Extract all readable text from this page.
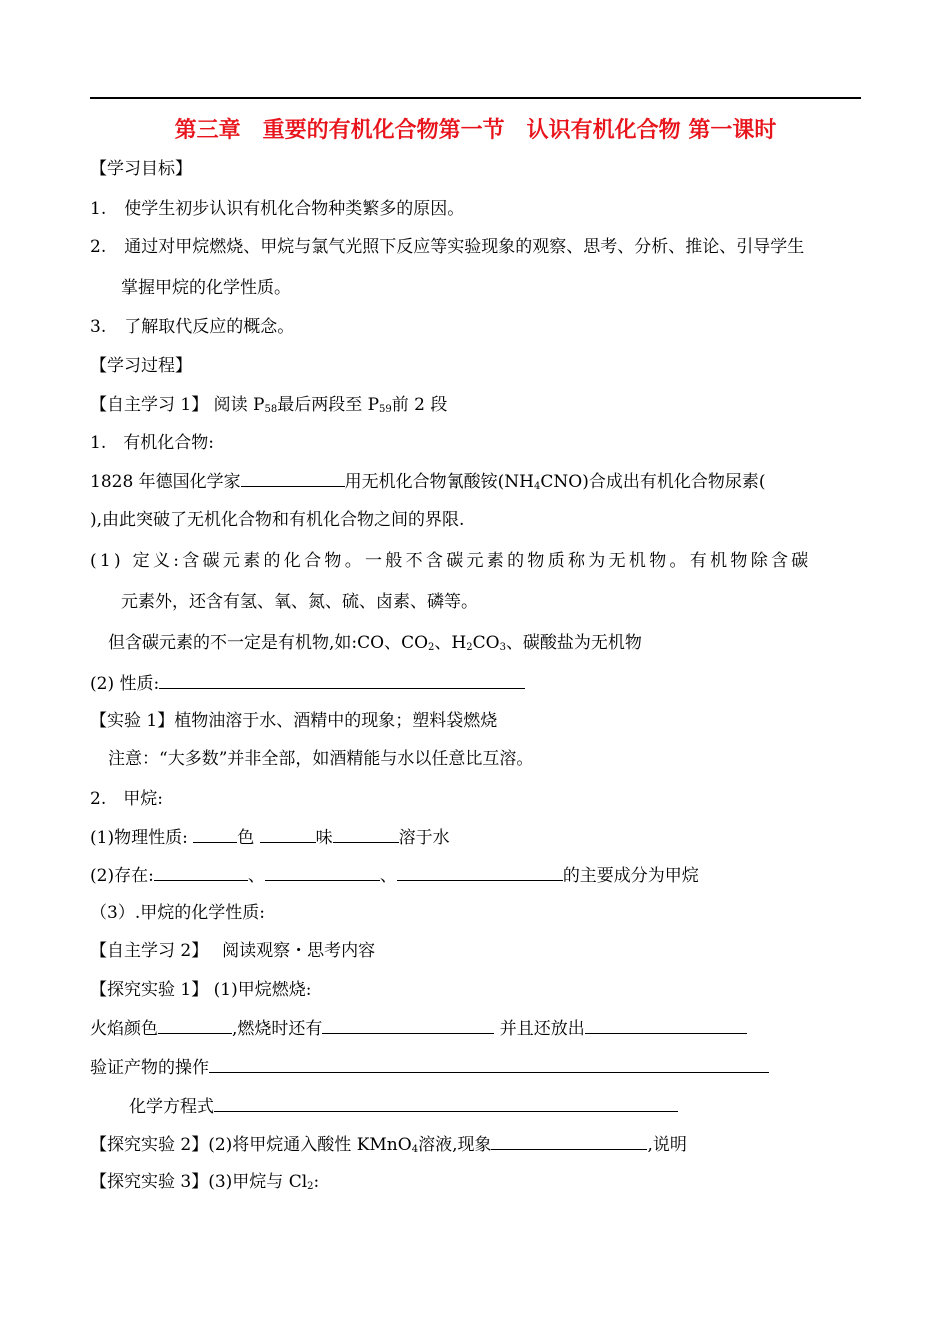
第三章　重要的有机化合物第一节　认识有机化合物 第一课时
【学习目标】
1. 使学生初步认识有机化合物种类繁多的原因。
2. 通过对甲烷燃烧、甲烷与氯气光照下反应等实验现象的观察、思考、分析、推论、引导学生
掌握甲烷的化学性质。
3. 了解取代反应的概念。
【学习过程】
【自主学习 1】 阅读 $P_{58}$最后两段至 $P_{59}$前 2 段
1.　有机化合物:
1828 年德国化学家	用无机化合物氰酸铵$(NH_4CNO)$合成出有机化合物尿素(
),由此突破了无机化合物和有机化合物之间的界限.
(1) 定义:含碳元素的化合物。一般不含碳元素的物质称为无机物。有机物除含碳
元素外，还含有氢、氧、氮、硫、卤素、磷等。
但含碳元素的不一定是有机物,如:CO、$CO_2$、$H_2CO_3$、碳酸盐为无机物
(2) 性质:
【实验 1】植物油溶于水、酒精中的现象；塑料袋燃烧
注意：“大多数”并非全部，如酒精能与水以任意比互溶。
2.　甲烷:
(1)物理性质:	色	味	溶于水
(2)存在:	、	、	的主要成分为甲烷
（3）.甲烷的化学性质:
【自主学习 2】　 阅读观察・思考内容
【探究实验 1】 (1)甲烷燃烧:
火焰颜色	,燃烧时还有	并且还放出
验证产物的操作
化学方程式
【探究实验 2】(2)将甲烷通入酸性 KMnO$_4$溶液,现象	,说明
【探究实验 3】(3)甲烷与 $Cl_2$:
